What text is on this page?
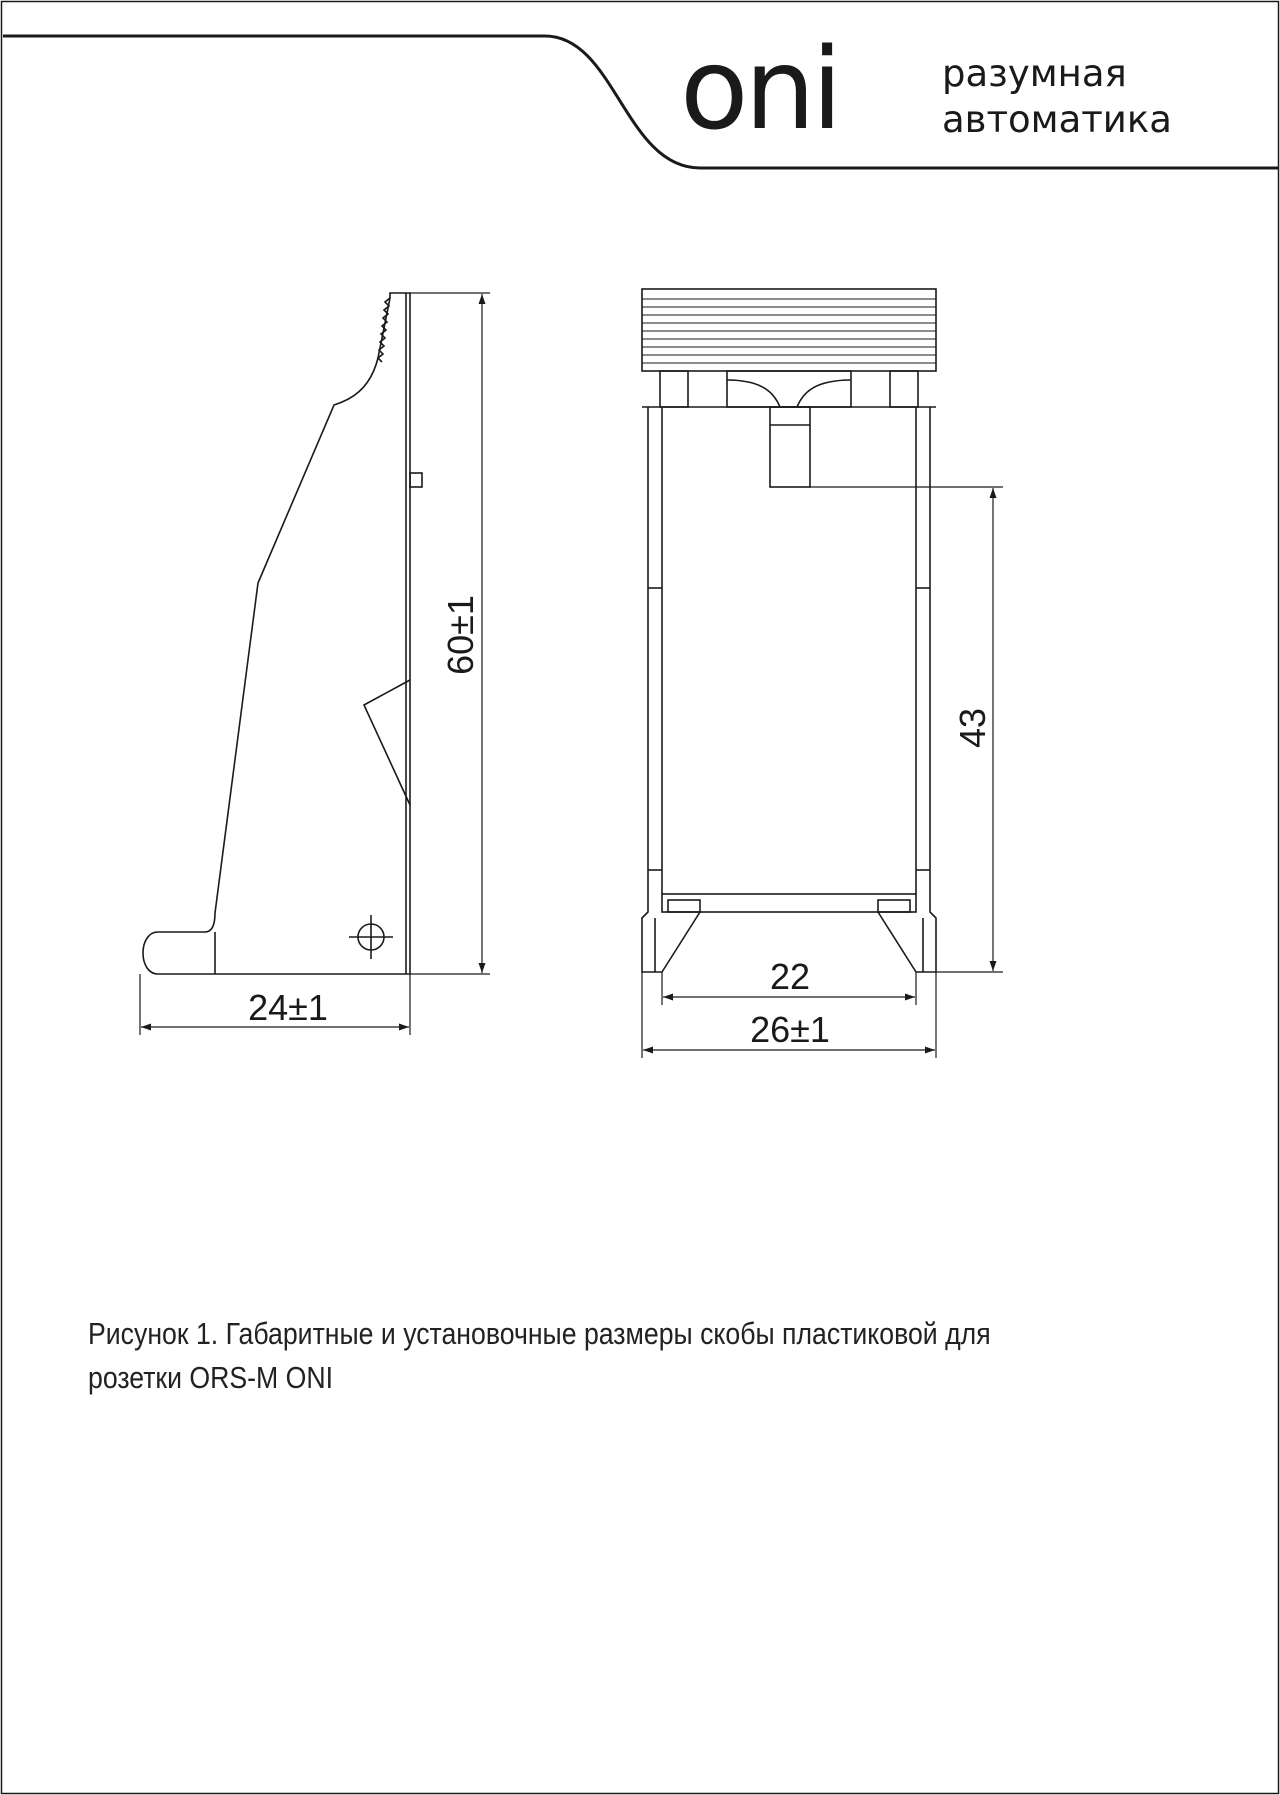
oni	разумная
автоматика
60±1
24±1
43
22
26±1

Рисунок 1. Габаритные и установочные размеры скобы пластиковой для

розетки ORS-M ONI
